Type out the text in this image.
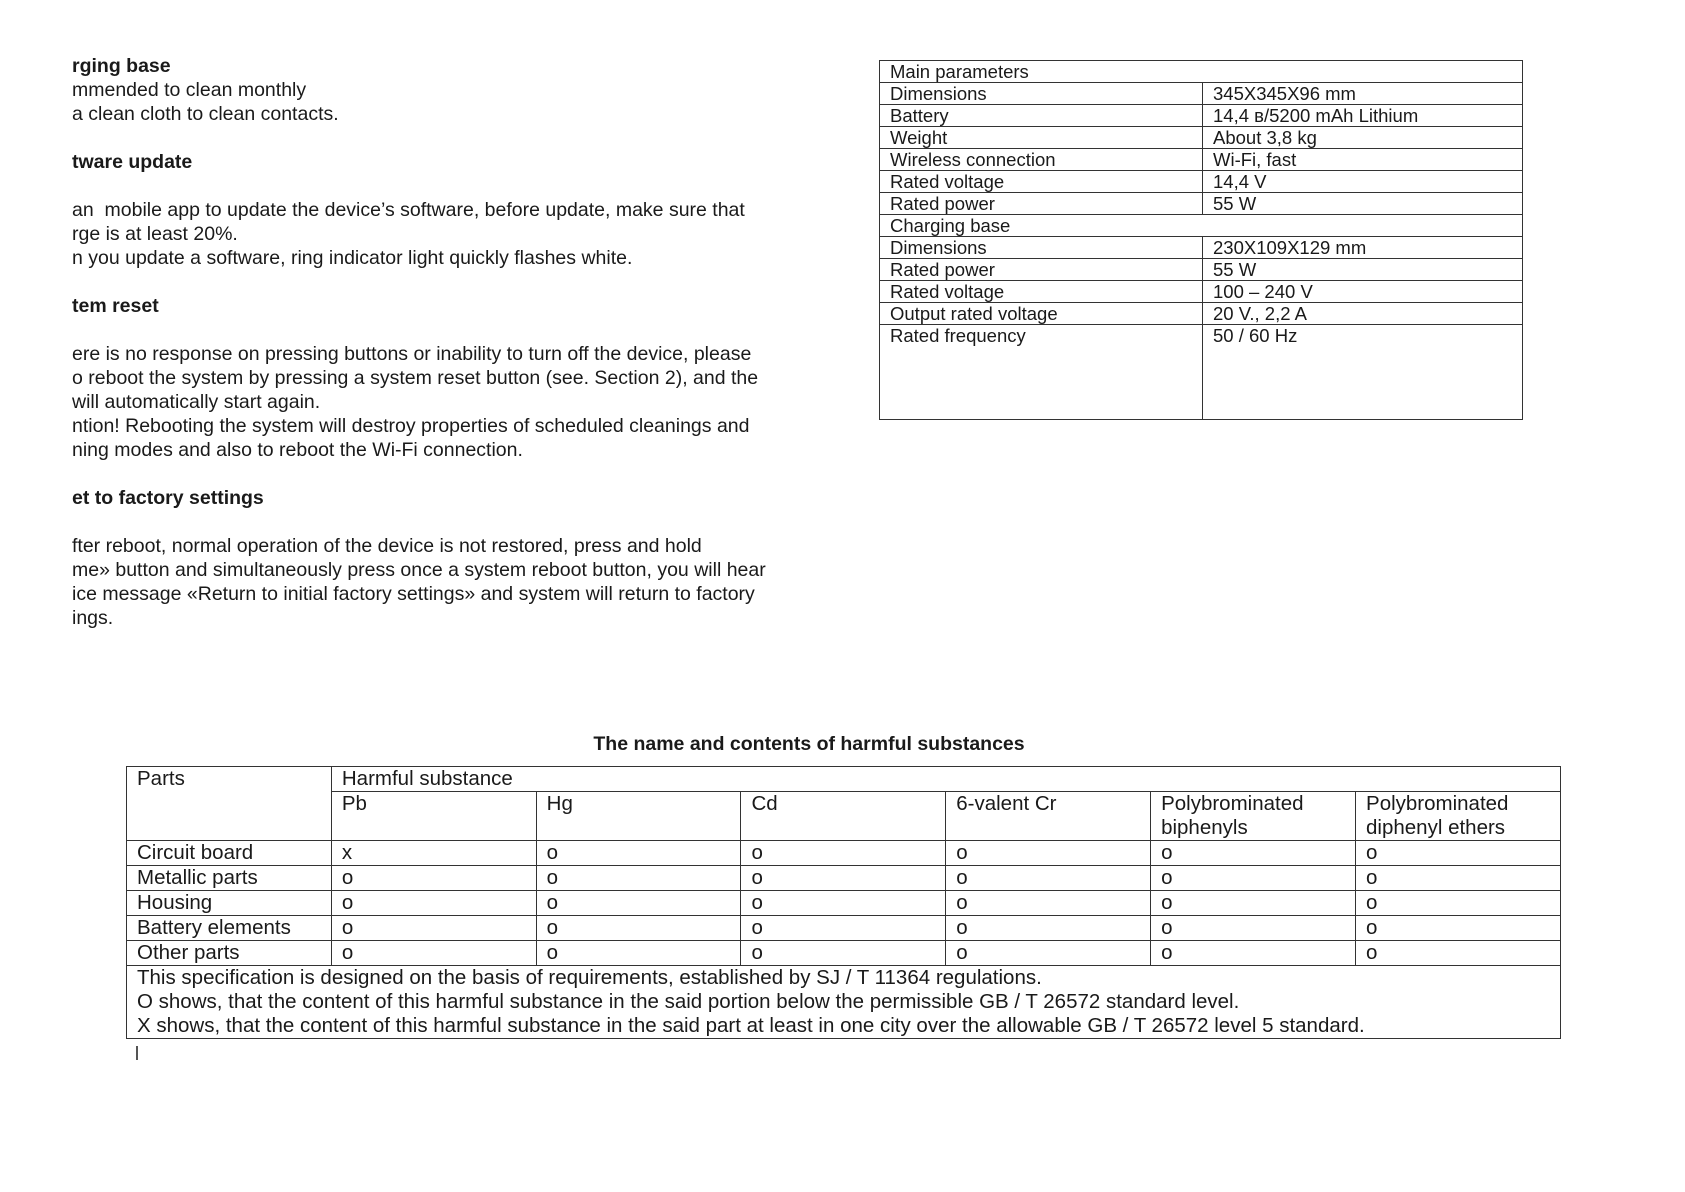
rging base

mmended to clean monthly

a clean cloth to clean contacts.

tware update

an  mobile app to update the device’s software, before update, make sure that

rge is at least 20%.

n you update a software, ring indicator light quickly flashes white.

tem reset

ere is no response on pressing buttons or inability to turn off the device, please

o reboot the system by pressing a system reset button (see. Section 2), and the

will automatically start again.

ntion! Rebooting the system will destroy properties of scheduled cleanings and

ning modes and also to reboot the Wi-Fi connection.

et to factory settings

fter reboot, normal operation of the device is not restored, press and hold

me» button and simultaneously press once a system reboot button, you will hear

ice message «Return to initial factory settings» and system will return to factory

ings.

Main parameters	
Dimensions	345X345X96 mm
Battery	14,4 в/5200 mAh Lithium
Weight	About 3,8 kg
Wireless connection	Wi-Fi, fast
Rated voltage	14,4 V
Rated power	55 W
Charging base	
Dimensions	230X109X129 mm
Rated power	55 W
Rated voltage	100 – 240 V
Output rated voltage	20 V., 2,2 A
Rated frequency	50 / 60 Hz
The name and contents of harmful substances
Parts	Harmful substance					
	Pb	Hg	Cd	6-valent Cr	Polybrominated biphenyls	Polybrominated diphenyl ethers
Circuit board	x	o	o	o	o	o
Metallic parts	o	o	o	o	o	o
Housing	o	o	o	o	o	o
Battery elements	o	o	o	o	o	o
Other parts	o	o	o	o	o	o

This specification is designed on the basis of requirements, established by SJ / T 11364 regulations.
O shows, that the content of this harmful substance in the said portion below the permissible GB / T 26572 standard level.
X shows, that the content of this harmful substance in the said part at least in one city over the allowable GB / T 26572 level 5 standard.						
